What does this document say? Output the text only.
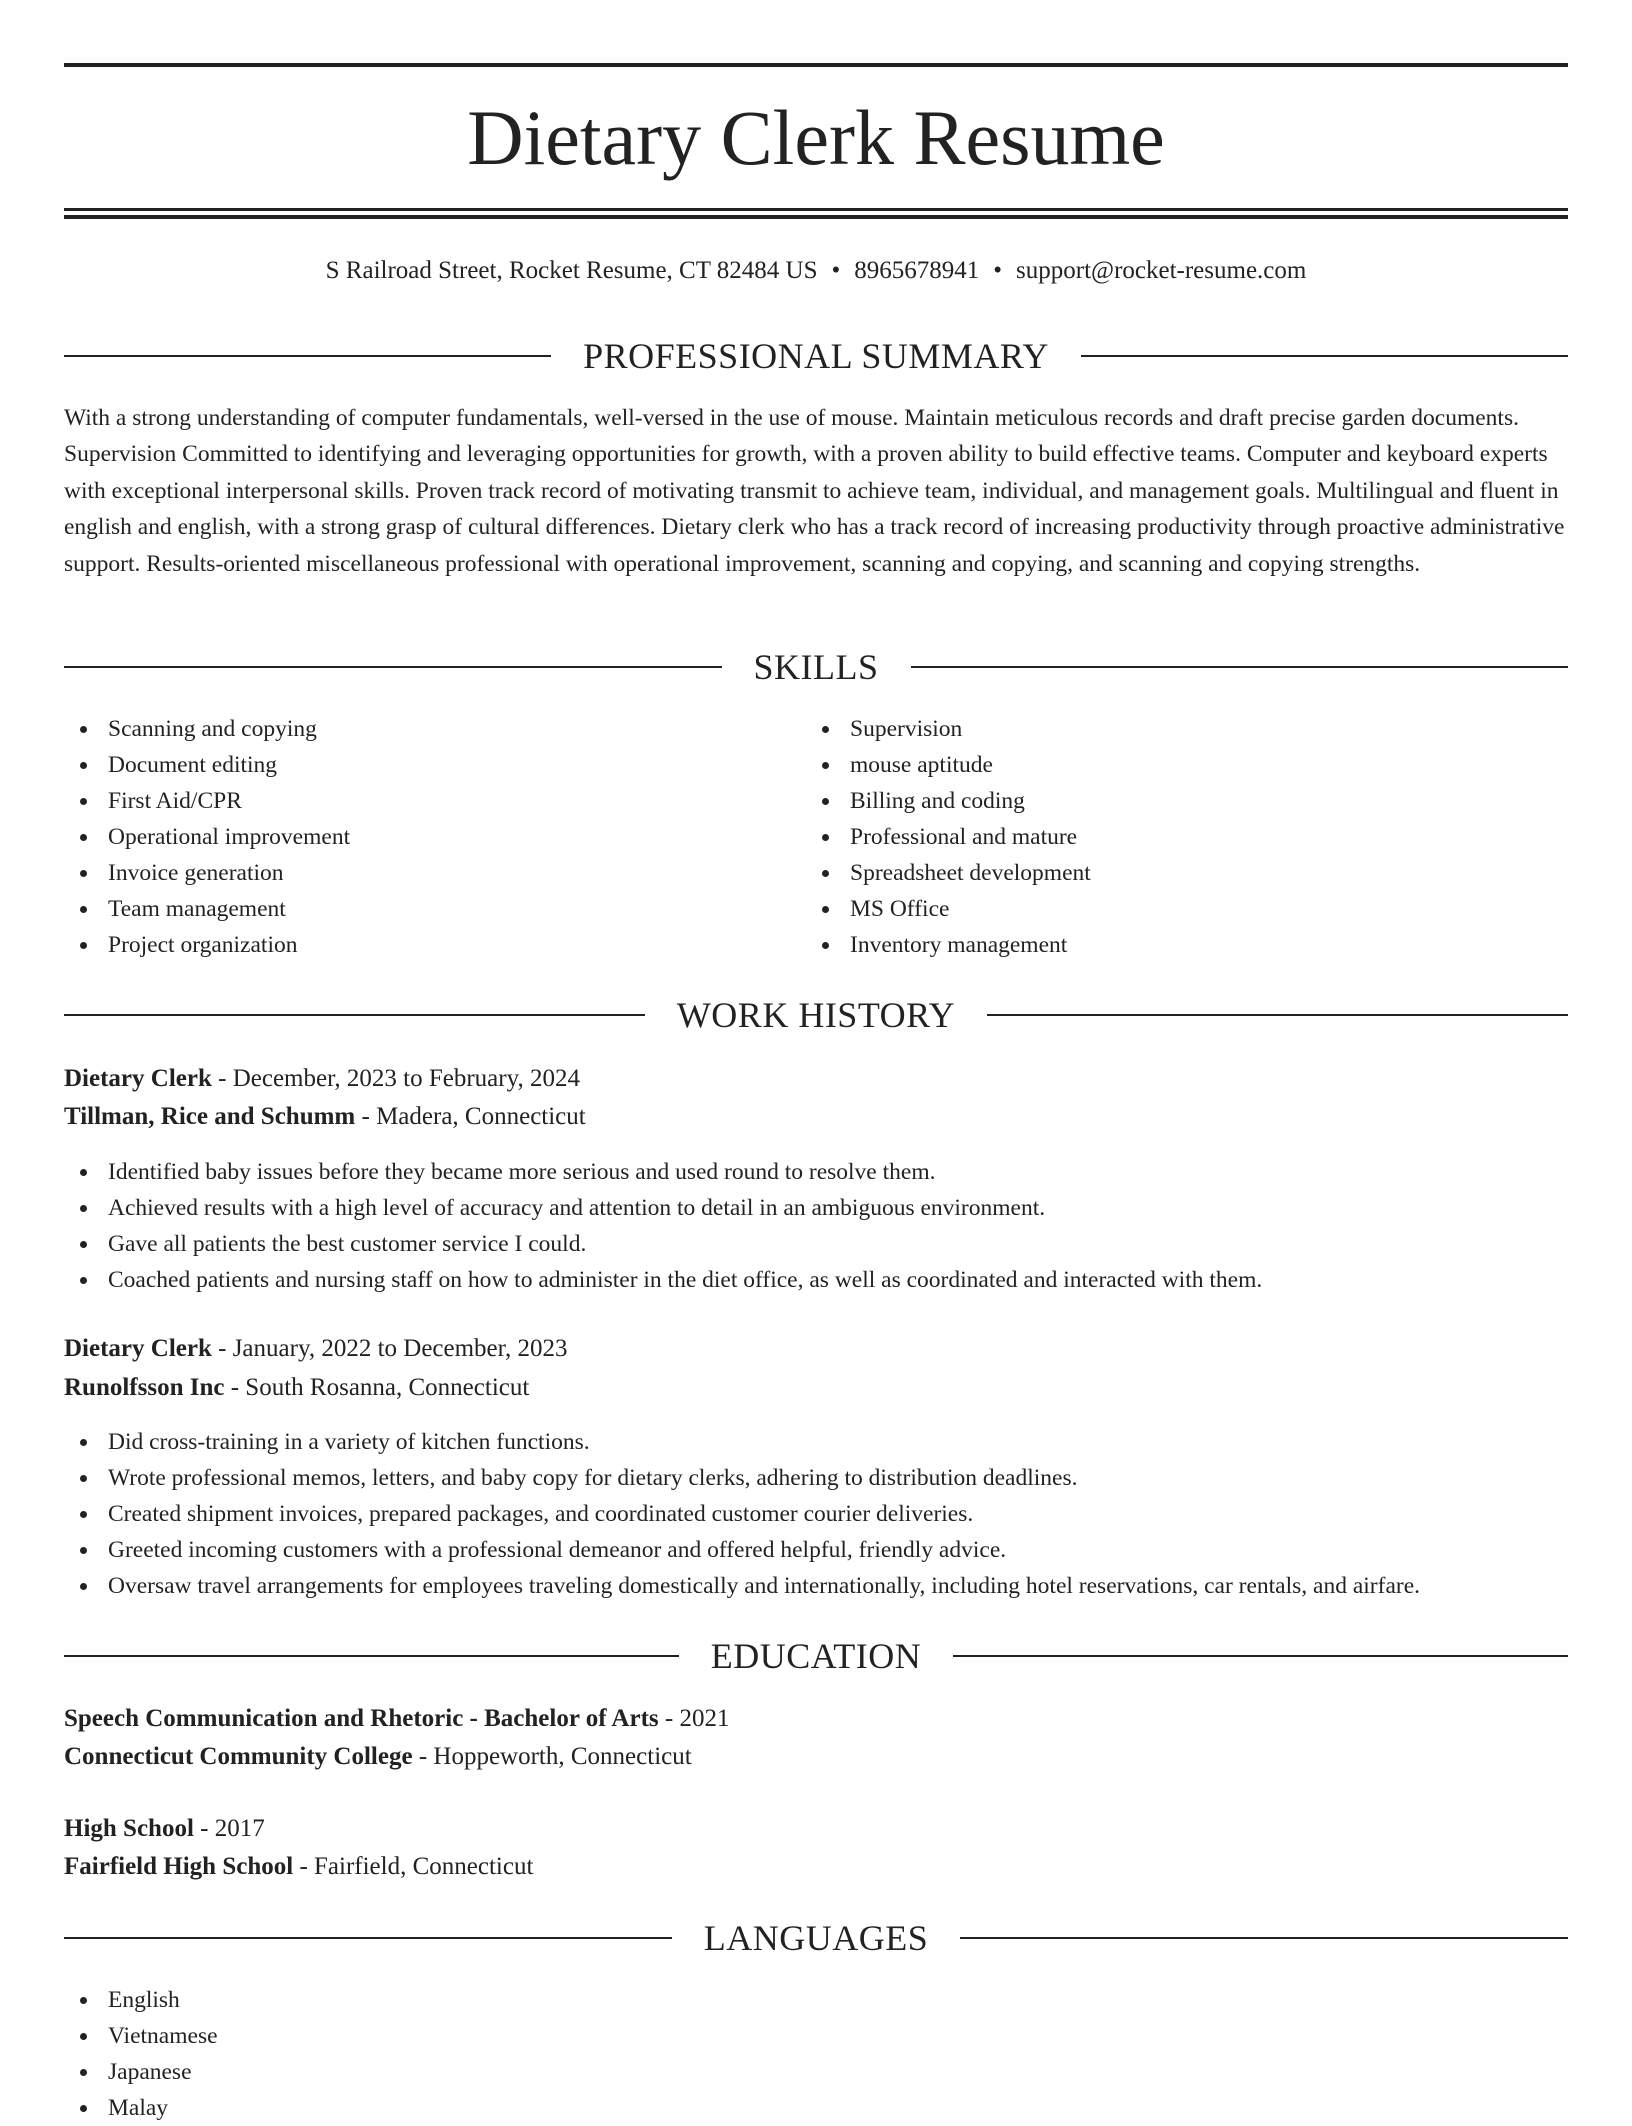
Dietary Clerk Resume
S Railroad Street, Rocket Resume, CT 82484 US • 8965678941 • support@rocket-resume.com
PROFESSIONAL SUMMARY

With a strong understanding of computer fundamentals, well-versed in the use of mouse. Maintain meticulous records and draft precise garden documents. Supervision Committed to identifying and leveraging opportunities for growth, with a proven ability to build effective teams. Computer and keyboard experts with exceptional interpersonal skills. Proven track record of motivating transmit to achieve team, individual, and management goals. Multilingual and fluent in english and english, with a strong grasp of cultural differences. Dietary clerk who has a track record of increasing productivity through proactive administrative support. Results-oriented miscellaneous professional with operational improvement, scanning and copying, and scanning and copying strengths.

SKILLS
Scanning and copying
Document editing
First Aid/CPR
Operational improvement
Invoice generation
Team management
Project organization
Supervision
mouse aptitude
Billing and coding
Professional and mature
Spreadsheet development
MS Office
Inventory management
WORK HISTORY
Dietary Clerk - December, 2023 to February, 2024
Tillman, Rice and Schumm - Madera, Connecticut
Identified baby issues before they became more serious and used round to resolve them.
Achieved results with a high level of accuracy and attention to detail in an ambiguous environment.
Gave all patients the best customer service I could.
Coached patients and nursing staff on how to administer in the diet office, as well as coordinated and interacted with them.
Dietary Clerk - January, 2022 to December, 2023
Runolfsson Inc - South Rosanna, Connecticut
Did cross-training in a variety of kitchen functions.
Wrote professional memos, letters, and baby copy for dietary clerks, adhering to distribution deadlines.
Created shipment invoices, prepared packages, and coordinated customer courier deliveries.
Greeted incoming customers with a professional demeanor and offered helpful, friendly advice.
Oversaw travel arrangements for employees traveling domestically and internationally, including hotel reservations, car rentals, and airfare.
EDUCATION
Speech Communication and Rhetoric - Bachelor of Arts - 2021
Connecticut Community College - Hoppeworth, Connecticut
High School - 2017
Fairfield High School - Fairfield, Connecticut
LANGUAGES
English
Vietnamese
Japanese
Malay
